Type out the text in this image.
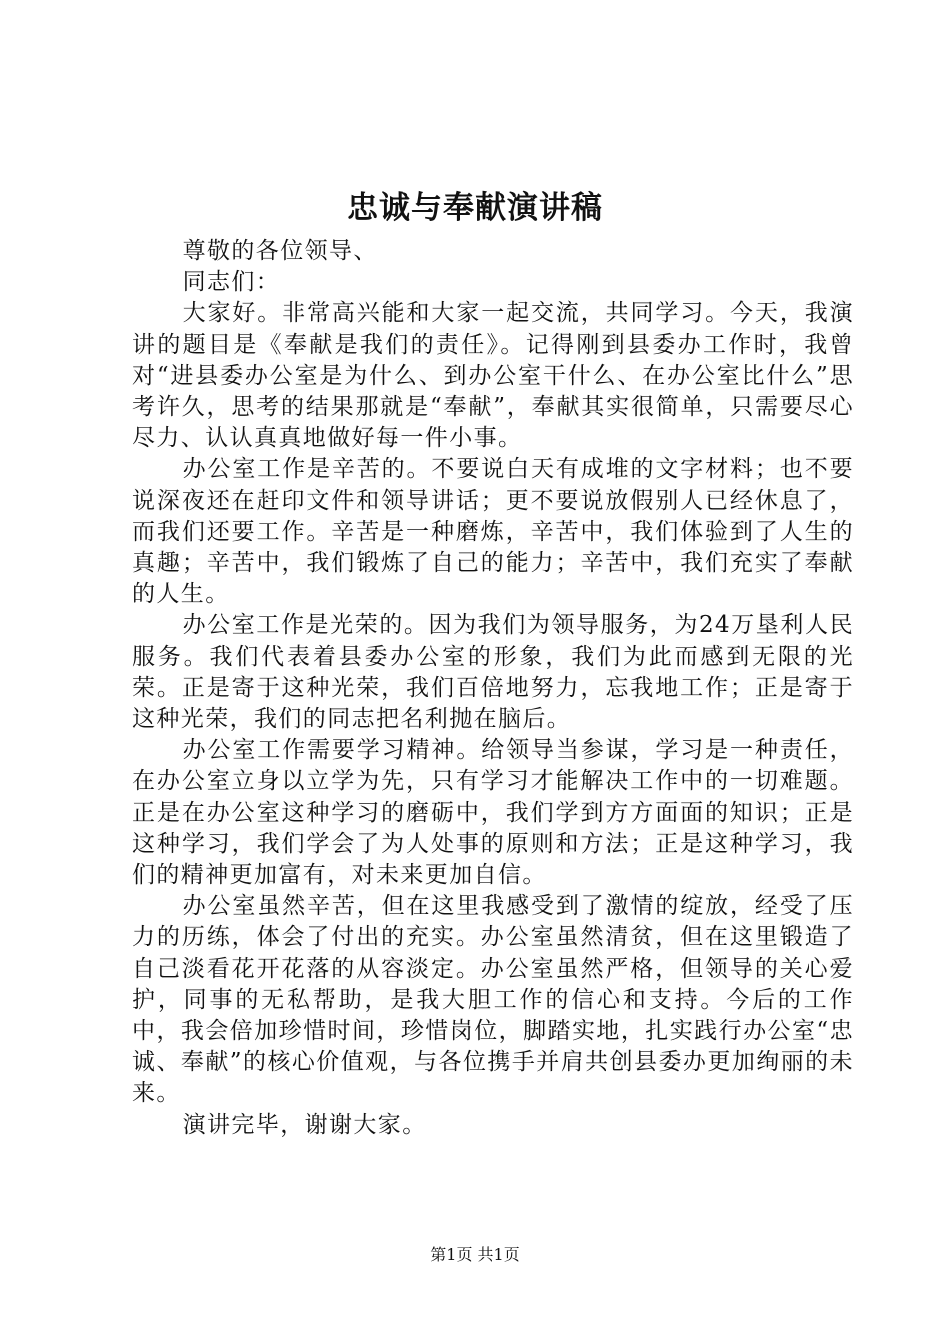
忠诚与奉献演讲稿

尊敬的各位领导、

同志们：

大家好。非常高兴能和大家一起交流，共同学习。今天，我演讲的题目是《奉献是我们的责任》。记得刚到县委办工作时，我曾对“进县委办公室是为什么、到办公室干什么、在办公室比什么”思考许久，思考的结果那就是“奉献”，奉献其实很简单，只需要尽心尽力、认认真真地做好每一件小事。

办公室工作是辛苦的。不要说白天有成堆的文字材料；也不要说深夜还在赶印文件和领导讲话；更不要说放假别人已经休息了，而我们还要工作。辛苦是一种磨炼，辛苦中，我们体验到了人生的真趣；辛苦中，我们锻炼了自己的能力；辛苦中，我们充实了奉献的人生。

办公室工作是光荣的。因为我们为领导服务，为24万垦利人民服务。我们代表着县委办公室的形象，我们为此而感到无限的光荣。正是寄于这种光荣，我们百倍地努力，忘我地工作；正是寄于这种光荣，我们的同志把名利抛在脑后。

办公室工作需要学习精神。给领导当参谋，学习是一种责任，在办公室立身以立学为先，只有学习才能解决工作中的一切难题。正是在办公室这种学习的磨砺中，我们学到方方面面的知识；正是这种学习，我们学会了为人处事的原则和方法；正是这种学习，我们的精神更加富有，对未来更加自信。

办公室虽然辛苦，但在这里我感受到了激情的绽放，经受了压力的历练，体会了付出的充实。办公室虽然清贫，但在这里锻造了自己淡看花开花落的从容淡定。办公室虽然严格，但领导的关心爱护，同事的无私帮助，是我大胆工作的信心和支持。今后的工作中，我会倍加珍惜时间，珍惜岗位，脚踏实地，扎实践行办公室“忠诚、奉献”的核心价值观，与各位携手并肩共创县委办更加绚丽的未来。

演讲完毕，谢谢大家。

第1页 共1页
